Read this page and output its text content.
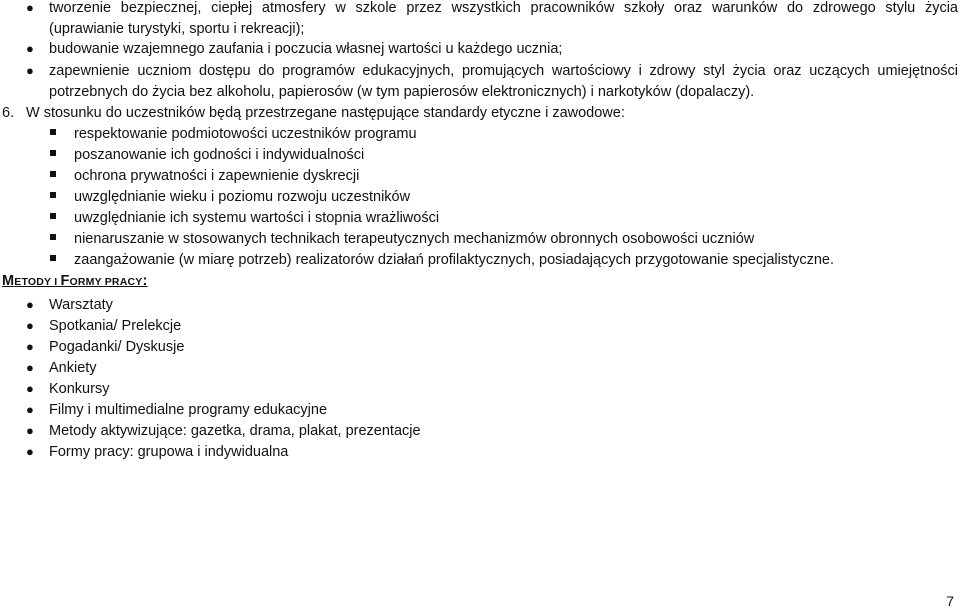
● tworzenie bezpiecznej, ciepłej atmosfery w szkole przez wszystkich pracowników szkoły oraz warunków do zdrowego stylu życia
(uprawianie turystyki, sportu i rekreacji);
● budowanie wzajemnego zaufania i poczucia własnej wartości u każdego ucznia;
● zapewnienie uczniom dostępu do programów edukacyjnych, promujących wartościowy i zdrowy styl życia oraz uczących umiejętności
potrzebnych do życia bez alkoholu, papierosów (w tym papierosów elektronicznych) i narkotyków (dopalaczy).
6. W stosunku do uczestników będą przestrzegane następujące standardy etyczne i zawodowe:
respektowanie podmiotowości uczestników programu
poszanowanie ich godności i indywidualności
ochrona prywatności i zapewnienie dyskrecji
uwzględnianie wieku i poziomu rozwoju uczestników
uwzględnianie ich systemu wartości i stopnia wrażliwości
nienaruszanie w stosowanych technikach terapeutycznych mechanizmów obronnych osobowości uczniów
zaangażowanie (w miarę potrzeb) realizatorów działań profilaktycznych, posiadających przygotowanie specjalistyczne.
METODY I FORMY PRACY:
● Warsztaty
● Spotkania/ Prelekcje
● Pogadanki/ Dyskusje
● Ankiety
● Konkursy
● Filmy i multimedialne programy edukacyjne
● Metody aktywizujące: gazetka, drama, plakat, prezentacje
● Formy pracy: grupowa i indywidualna
7
